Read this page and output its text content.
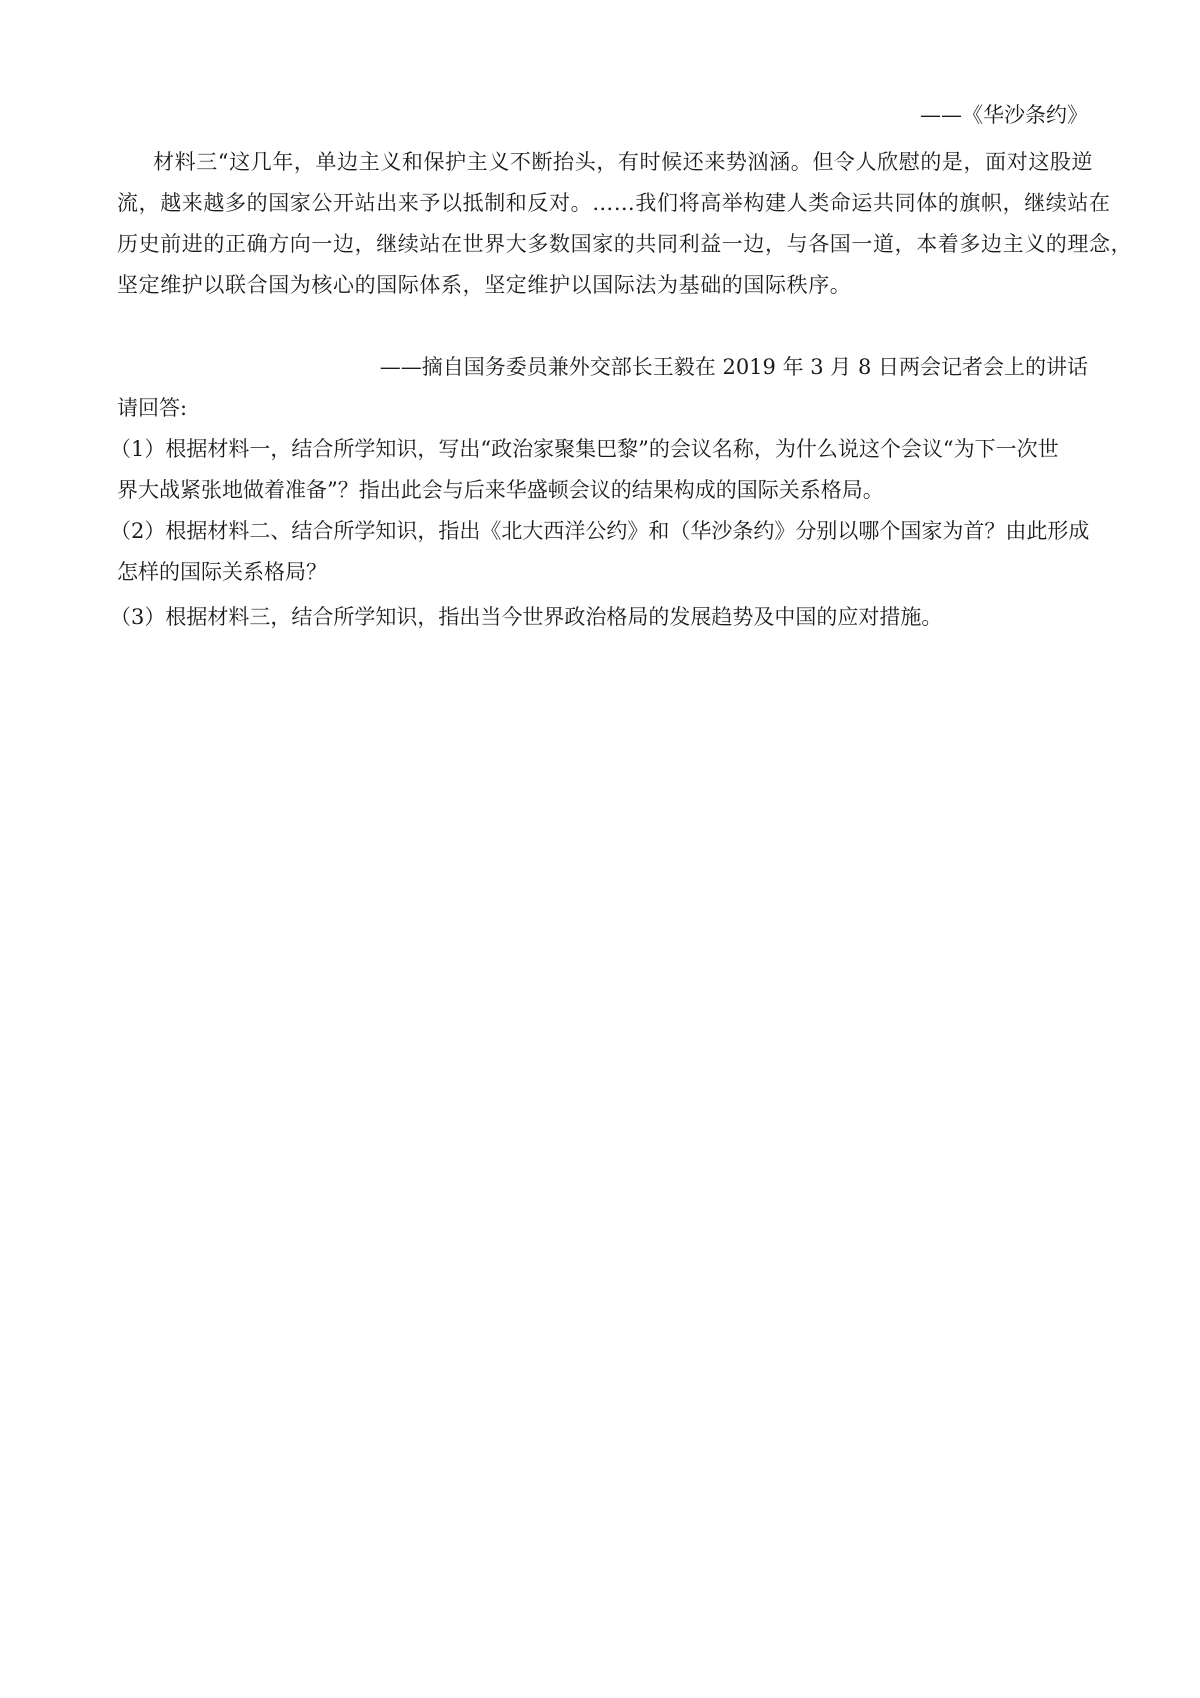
——《华沙条约》
材料三“这几年，单边主义和保护主义不断抬头，有时候还来势汹涵。但令人欣慰的是，面对这股逆
流，越来越多的国家公开站出来予以抵制和反对。……我们将高举构建人类命运共同体的旗帜，继续站在
历史前进的正确方向一边，继续站在世界大多数国家的共同利益一边，与各国一道，本着多边主义的理念，
坚定维护以联合国为核心的国际体系，坚定维护以国际法为基础的国际秩序。
——摘自国务委员兼外交部长王毅在 2019 年 3 月 8 日两会记者会上的讲话
请回答:
（1）根据材料一，结合所学知识，写出“政治家聚集巴黎”的会议名称，为什么说这个会议“为下一次世
界大战紧张地做着准备”？指出此会与后来华盛顿会议的结果构成的国际关系格局。
（2）根据材料二、结合所学知识，指出《北大西洋公约》和（华沙条约》分别以哪个国家为首？由此形成
怎样的国际关系格局？
（3）根据材料三，结合所学知识，指出当今世界政治格局的发展趋势及中国的应对措施。
